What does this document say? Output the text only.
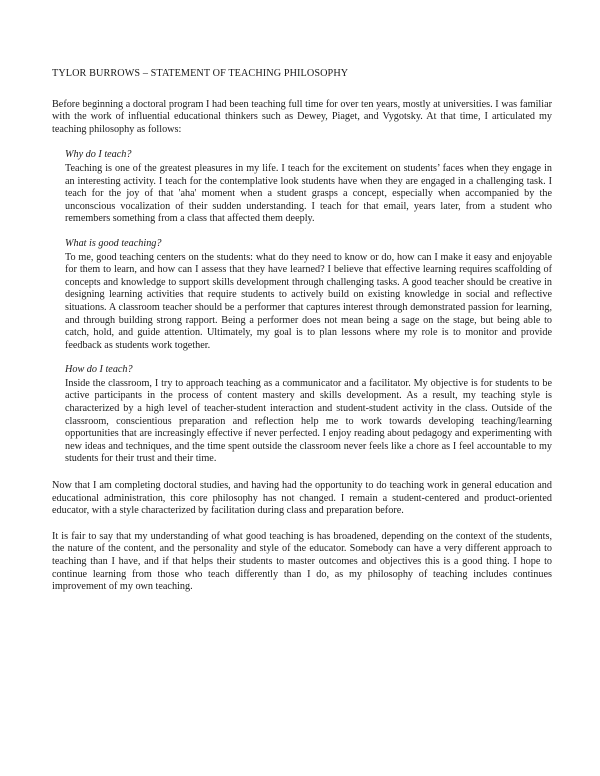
TYLOR BURROWS – STATEMENT OF TEACHING PHILOSOPHY

Before beginning a doctoral program I had been teaching full time for over ten years, mostly at universities. I was familiar with the work of influential educational thinkers such as Dewey, Piaget, and Vygotsky. At that time, I articulated my teaching philosophy as follows:

Why do I teach?

Teaching is one of the greatest pleasures in my life. I teach for the excitement on students’ faces when they engage in an interesting activity. I teach for the contemplative look students have when they are engaged in a challenging task. I teach for the joy of that 'aha' moment when a student grasps a concept, especially when accompanied by the unconscious vocalization of their sudden understanding. I teach for that email, years later, from a student who remembers something from a class that affected them deeply.

What is good teaching?

To me, good teaching centers on the students: what do they need to know or do, how can I make it easy and enjoyable for them to learn, and how can I assess that they have learned? I believe that effective learning requires scaffolding of concepts and knowledge to support skills development through challenging tasks. A good teacher should be creative in designing learning activities that require students to actively build on existing knowledge in social and reflective situations. A classroom teacher should be a performer that captures interest through demonstrated passion for learning, and through building strong rapport. Being a performer does not mean being a sage on the stage, but being able to catch, hold, and guide attention. Ultimately, my goal is to plan lessons where my role is to monitor and provide feedback as students work together.

How do I teach?

Inside the classroom, I try to approach teaching as a communicator and a facilitator. My objective is for students to be active participants in the process of content mastery and skills development. As a result, my teaching style is characterized by a high level of teacher-student interaction and student-student activity in the class. Outside of the classroom, conscientious preparation and reflection help me to work towards developing teaching/learning opportunities that are increasingly effective if never perfected. I enjoy reading about pedagogy and experimenting with new ideas and techniques, and the time spent outside the classroom never feels like a chore as I feel accountable to my students for their trust and their time.

Now that I am completing doctoral studies, and having had the opportunity to do teaching work in general education and educational administration, this core philosophy has not changed. I remain a student-centered and product-oriented educator, with a style characterized by facilitation during class and preparation before.

It is fair to say that my understanding of what good teaching is has broadened, depending on the context of the students, the nature of the content, and the personality and style of the educator. Somebody can have a very different approach to teaching than I have, and if that helps their students to master outcomes and objectives this is a good thing. I hope to continue learning from those who teach differently than I do, as my philosophy of teaching includes continues improvement of my own teaching.
